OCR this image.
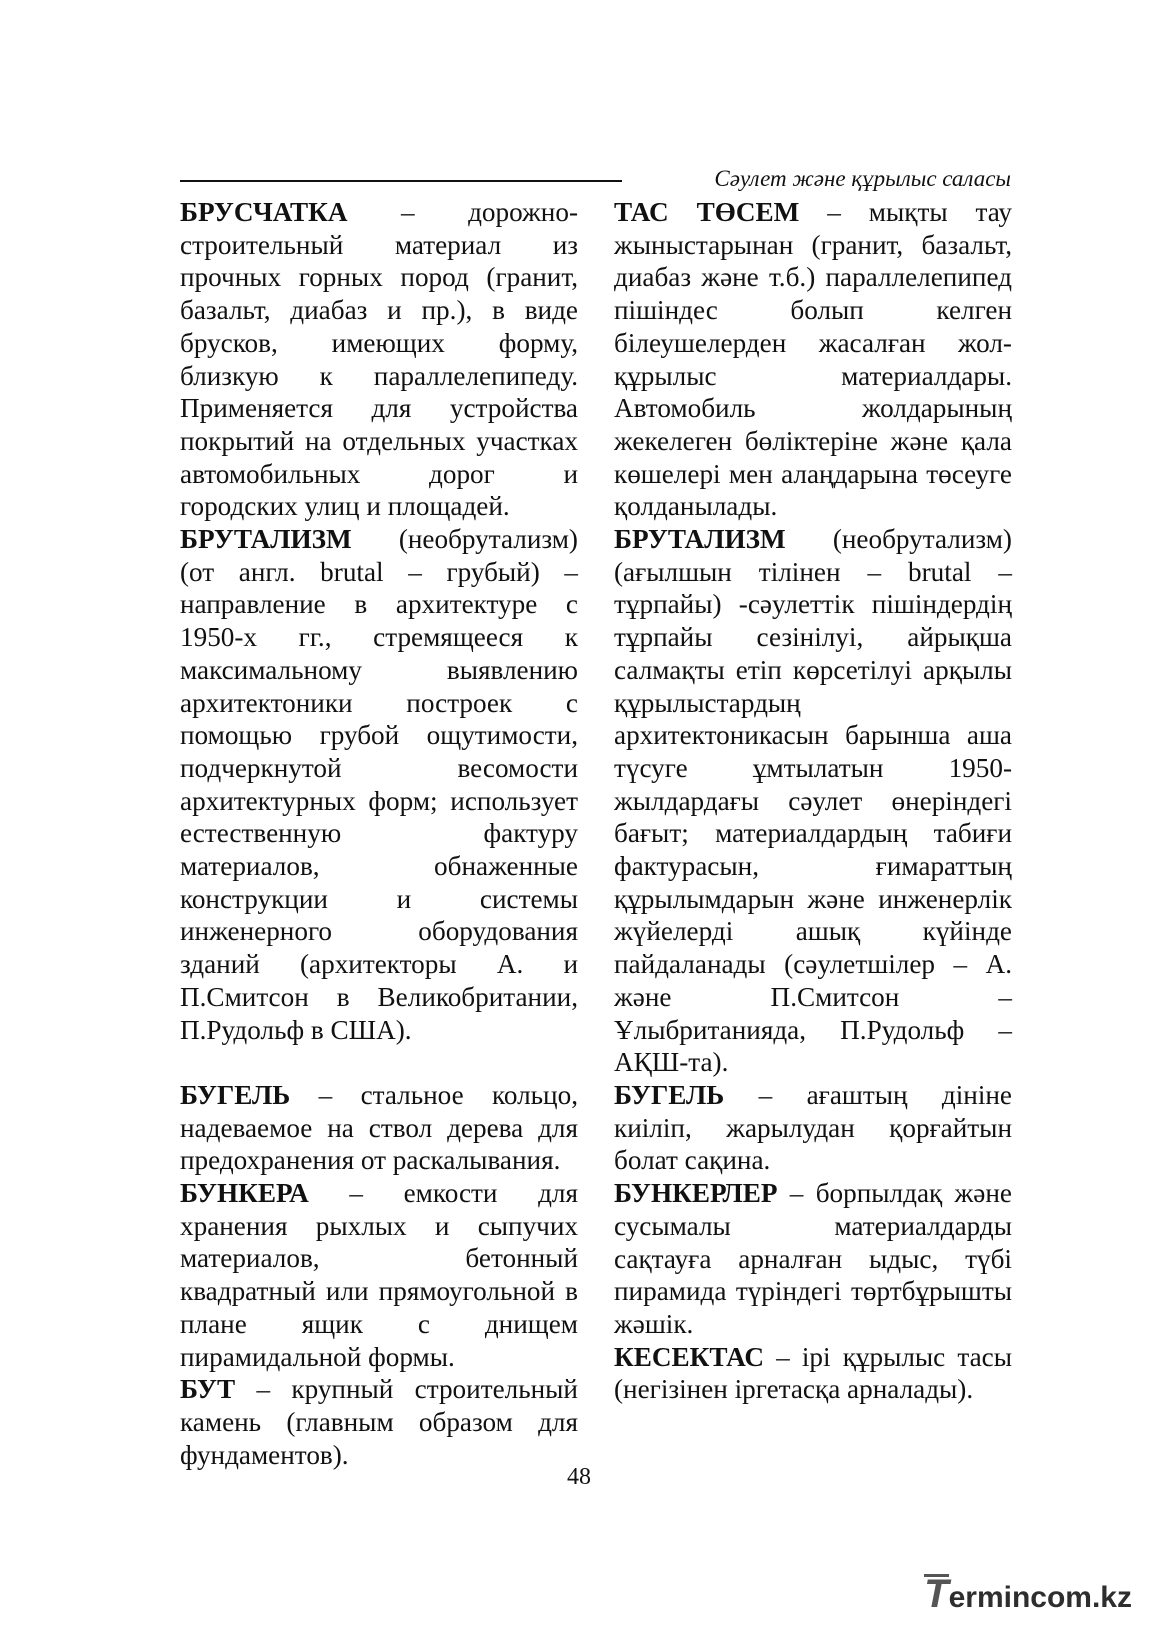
Сәулет және құрылыс саласы

БРУСЧАТКА – дорожно-строительный материал из прочных горных пород (гранит, базальт, диабаз и пр.), в виде брусков, имеющих форму, близкую к параллелепипеду. Применяется для устройства покрытий на отдельных участках автомобильных дорог и городских улиц и площадей.

БРУТАЛИЗМ (необрутализм) (от англ. brutal – грубый) – направление в архитектуре с 1950-х гг., стремящееся к максимальному выявлению архитектоники построек с помощью грубой ощутимости, подчеркнутой весомости архитектурных форм; использует естественную фактуру материалов, обнаженные конструкции и системы инженерного оборудования зданий (архитекторы А. и П.Смитсон в Великобритании, П.Рудольф в США).

БУГЕЛЬ – стальное кольцо, надеваемое на ствол дерева для предохранения от раскалывания.

БУНКЕРА – емкости для хранения рыхлых и сыпучих материалов, бетонный квадратный или прямоугольной в плане ящик с днищем пирамидальной формы.

БУТ – крупный строительный камень (главным образом для фундаментов).

ТАС ТӨСЕМ – мықты тау жыныстарынан (гранит, базальт, диабаз және т.б.) параллелепипед пішіндес болып келген білеушелерден жасалған жол-құрылыс материалдары. Автомобиль жолдарының жекелеген бөліктеріне және қала көшелері мен алаңдарына төсеуге қолданылады.

БРУТАЛИЗМ (необрутализм) (ағылшын тілінен – brutal – тұрпайы) -сәулеттік пішіндердің тұрпайы сезінілуі, айрықша салмақты етіп көрсетілуі арқылы құрылыстардың архитектоникасын барынша аша түсуге ұмтылатын 1950-жылдардағы сәулет өнеріндегі бағыт; материалдардың табиғи фактурасын, ғимараттың құрылымдарын және инженерлік жүйелерді ашық күйінде пайдаланады (сәулетшілер – А. және П.Смитсон – Ұлыбританияда, П.Рудольф – АҚШ-та).

БУГЕЛЬ – ағаштың дініне киіліп, жарылудан қорғайтын болат сақина.

БУНКЕРЛЕР – борпылдақ және сусымалы материалдарды сақтауға арналған ыдыс, түбі пирамида түріндегі төртбұрышты жәшік.

КЕСЕКТАС – ірі құрылыс тасы (негізінен іргетасқа арналады).

48
Termincom.kz
